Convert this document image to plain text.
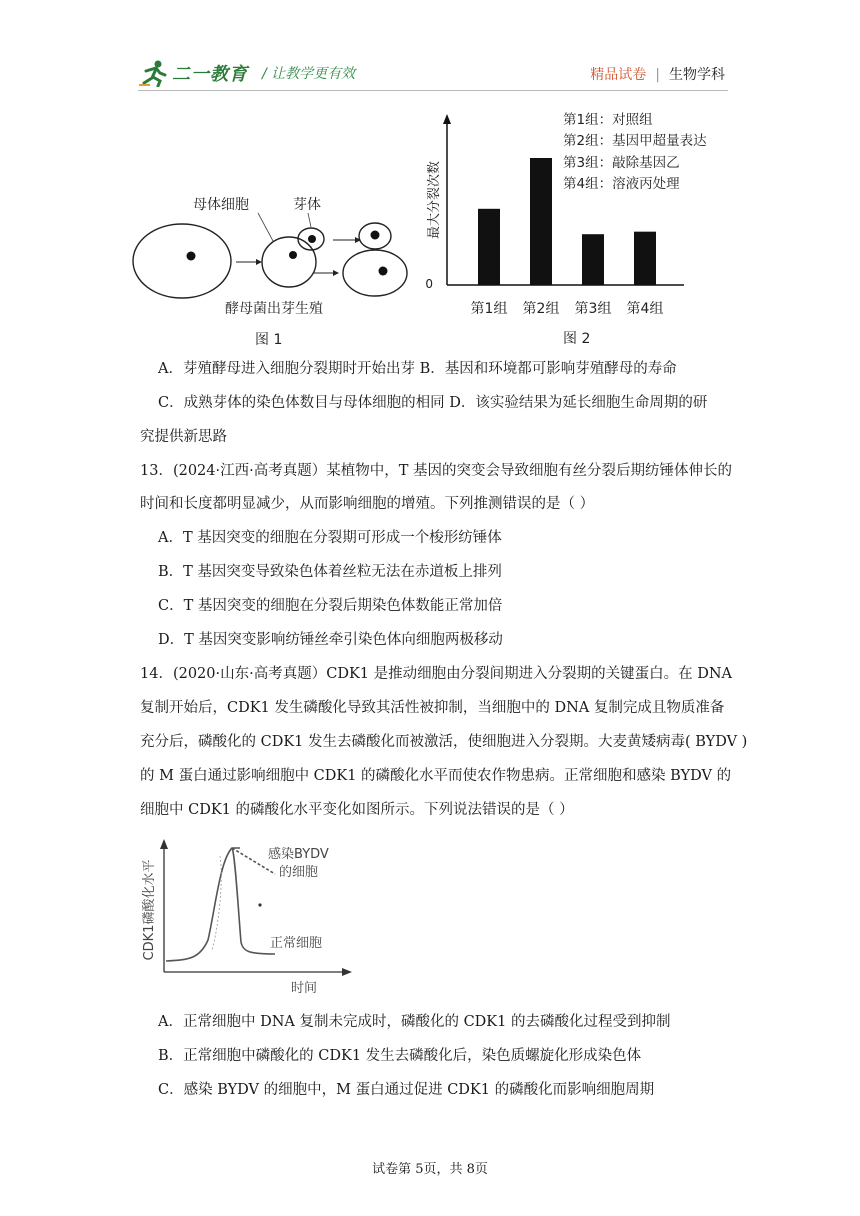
二一教育 / 让教学更有效	精品试卷 | 生物学科
母体细胞	芽体
酵母菌出芽生殖
图 1
0
最大分裂次数
第1组 第2组 第3组 第4组
第1组：对照组
第2组：基因甲超量表达
第3组：敲除基因乙
第4组：溶液丙处理
图 2
A．芽殖酵母进入细胞分裂期时开始出芽 B．基因和环境都可影响芽殖酵母的寿命
C．成熟芽体的染色体数目与母体细胞的相同 D．该实验结果为延长细胞生命周期的研
究提供新思路
13．(2024·江西·高考真题）某植物中，T 基因的突变会导致细胞有丝分裂后期纺锤体伸长的
时间和长度都明显减少，从而影响细胞的增殖。下列推测错误的是（ ）
A．T 基因突变的细胞在分裂期可形成一个梭形纺锤体
B．T 基因突变导致染色体着丝粒无法在赤道板上排列
C．T 基因突变的细胞在分裂后期染色体数能正常加倍
D．T 基因突变影响纺锤丝牵引染色体向细胞两极移动
14．(2020·山东·高考真题）CDK1 是推动细胞由分裂间期进入分裂期的关键蛋白。在 DNA
复制开始后，CDK1 发生磷酸化导致其活性被抑制，当细胞中的 DNA 复制完成且物质准备
充分后，磷酸化的 CDK1 发生去磷酸化而被激活，使细胞进入分裂期。大麦黄矮病毒( BYDV )
的 M 蛋白通过影响细胞中 CDK1 的磷酸化水平而使农作物患病。正常细胞和感染 BYDV 的
细胞中 CDK1 的磷酸化水平变化如图所示。下列说法错误的是（ ）
CDK1磷酸化水平
时间
感染BYDV
的细胞
正常细胞
A．正常细胞中 DNA 复制未完成时，磷酸化的 CDK1 的去磷酸化过程受到抑制
B．正常细胞中磷酸化的 CDK1 发生去磷酸化后，染色质螺旋化形成染色体
C．感染 BYDV 的细胞中，M 蛋白通过促进 CDK1 的磷酸化而影响细胞周期
试卷第 5页，共 8页
